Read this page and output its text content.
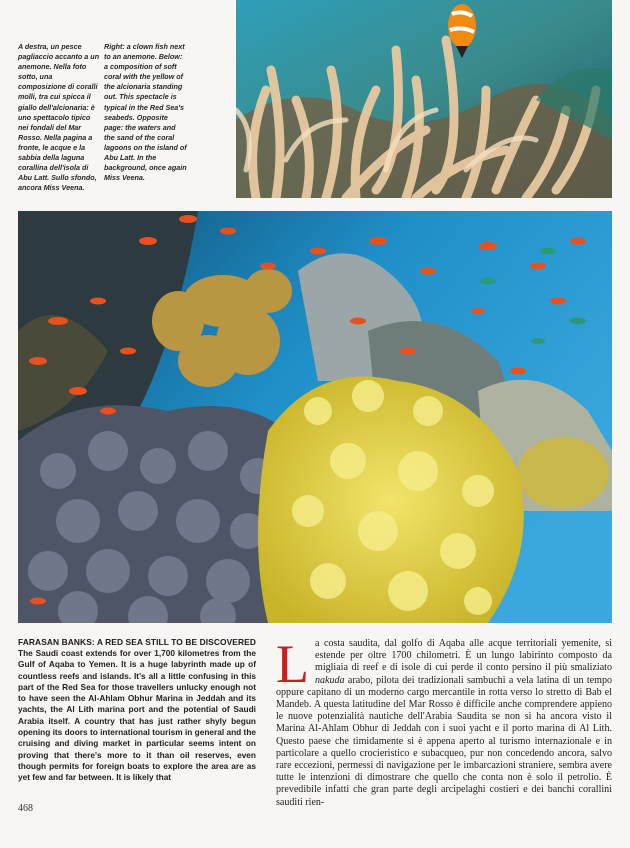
A destra, un pesce pagliaccio accanto a un anemone. Nella foto sotto, una composizione di coralli molli, tra cui spicca il giallo dell'alcionaria: è uno spettacolo tipico nei fondali del Mar Rosso. Nella pagina a fronte, le acque e la sabbia della laguna corallina dell'isola di Abu Latt. Sullo sfondo, ancora Miss Veena.
Right: a clown fish next to an anemone. Below: a composition of soft coral with the yellow of the alcionaria standing out. This spectacle is typical in the Red Sea's seabeds. Opposite page: the waters and the sand of the coral lagoons on the island of Abu Latt. In the background, once again Miss Veena.
FARASAN BANKS: A RED SEA STILL TO BE DISCOVERED
The Saudi coast extends for over 1,700 kilometres from the Gulf of Aqaba to Yemen. It is a huge labyrinth made up of countless reefs and islands. It's all a little confusing in this part of the Red Sea for those travellers unlucky enough not to have seen the Al-Ahlam Obhur Marina in Jeddah and its yachts, the Al Lith marina port and the potential of Saudi Arabia itself. A country that has just rather shyly begun opening its doors to international tourism in general and the cruising and diving market in particular seems intent on proving that there's more to it than oil reserves, even though permits for foreign boats to explore the area are as yet few and far between. It is likely that
468
La costa saudita, dal golfo di Aqaba alle acque territoriali yemenite, si estende per oltre 1700 chilometri. È un lungo labirinto composto da migliaia di reef e di isole di cui perde il conto persino il più smaliziato nakuda arabo, pilota dei tradizionali sambuchi a vela latina di un tempo oppure capitano di un moderno cargo mercantile in rotta verso lo stretto di Bab el Mandeb. A questa latitudine del Mar Rosso è difficile anche comprendere appieno le nuove potenzialità nautiche dell'Arabia Saudita se non si ha ancora visto il Marina Al-Ahlam Obhur di Jeddah con i suoi yacht e il porto marina di Al Lith. Questo paese che timidamente si è appena aperto al turismo internazionale e in particolare a quello crocieristico e subacqueo, pur non concedendo ancora, salvo rare eccezioni, permessi di navigazione per le imbarcazioni straniere, sembra avere tutte le intenzioni di dimostrare che quello che conta non è solo il petrolio. È prevedibile infatti che gran parte degli arcipelaghi costieri e dei banchi corallini sauditi rien-
